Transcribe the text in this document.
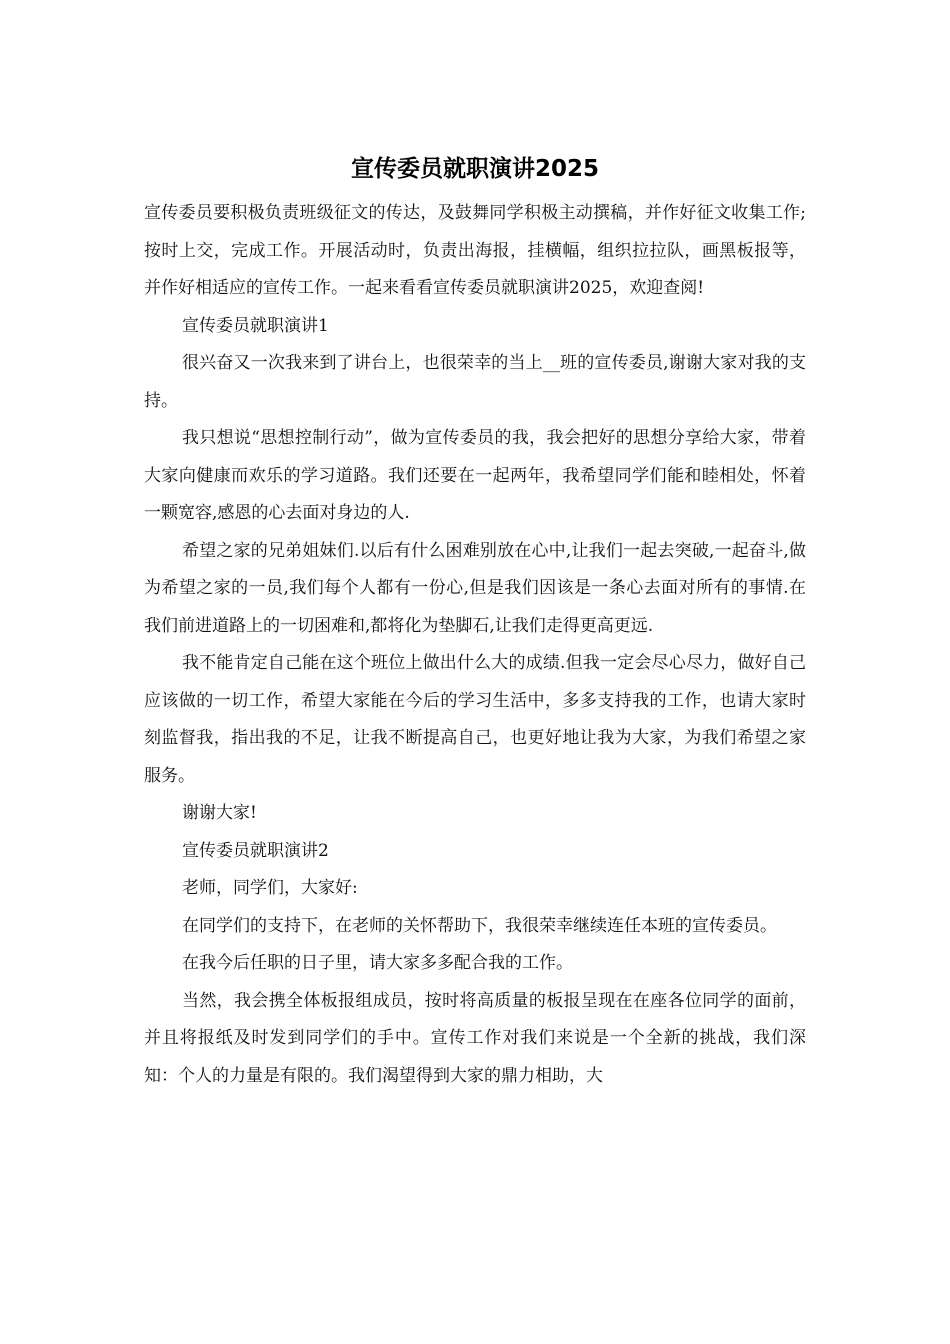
宣传委员就职演讲2025

宣传委员要积极负责班级征文的传达，及鼓舞同学积极主动撰稿，并作好征文收集工作;按时上交，完成工作。开展活动时，负责出海报，挂横幅，组织拉拉队，画黑板报等，并作好相适应的宣传工作。一起来看看宣传委员就职演讲2025，欢迎查阅!

宣传委员就职演讲1

很兴奋又一次我来到了讲台上，也很荣幸的当上__班的宣传委员,谢谢大家对我的支持。

我只想说“思想控制行动”，做为宣传委员的我，我会把好的思想分享给大家，带着大家向健康而欢乐的学习道路。我们还要在一起两年，我希望同学们能和睦相处，怀着一颗宽容,感恩的心去面对身边的人.

希望之家的兄弟姐妹们.以后有什么困难别放在心中,让我们一起去突破,一起奋斗,做为希望之家的一员,我们每个人都有一份心,但是我们因该是一条心去面对所有的事情.在我们前进道路上的一切困难和,都将化为垫脚石,让我们走得更高更远.

我不能肯定自己能在这个班位上做出什么大的成绩.但我一定会尽心尽力，做好自己应该做的一切工作，希望大家能在今后的学习生活中，多多支持我的工作，也请大家时刻监督我，指出我的不足，让我不断提高自己，也更好地让我为大家，为我们希望之家服务。

谢谢大家!

宣传委员就职演讲2

老师，同学们，大家好:

在同学们的支持下，在老师的关怀帮助下，我很荣幸继续连任本班的宣传委员。

在我今后任职的日子里，请大家多多配合我的工作。

当然，我会携全体板报组成员，按时将高质量的板报呈现在在座各位同学的面前，并且将报纸及时发到同学们的手中。宣传工作对我们来说是一个全新的挑战，我们深知：个人的力量是有限的。我们渴望得到大家的鼎力相助，大
